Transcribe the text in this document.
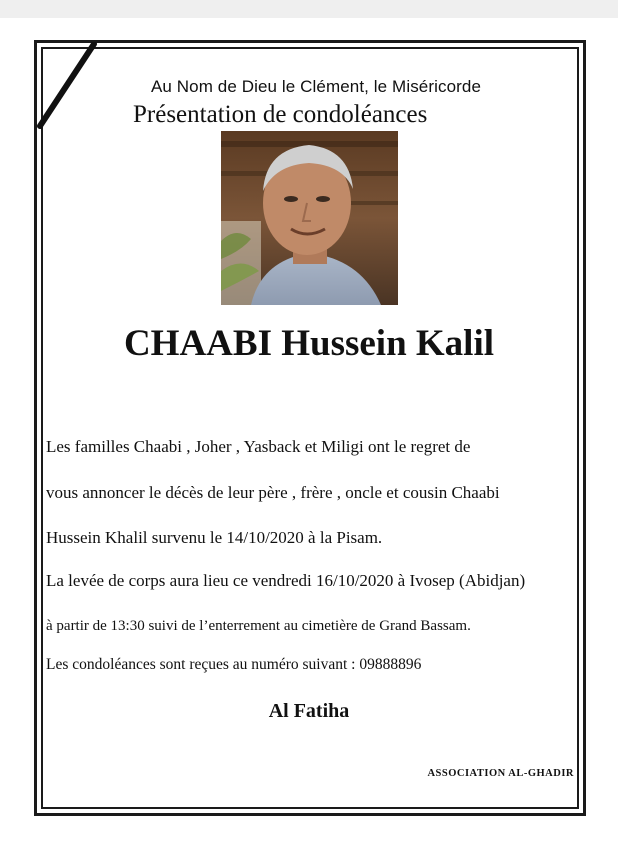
Au Nom de Dieu le Clément, le Miséricorde
Présentation de condoléances
CHAABI Hussein Kalil
Les familles Chaabi , Joher , Yasback et Miligi ont le regret de
vous annoncer le décès de leur père , frère , oncle et cousin Chaabi
Hussein Khalil survenu le 14/10/2020 à la Pisam.
La levée de corps aura lieu ce vendredi 16/10/2020 à Ivosep (Abidjan)
à partir de 13:30 suivi de l’enterrement au cimetière de Grand Bassam.
Les condoléances sont reçues au numéro suivant : 09888896
Al Fatiha
ASSOCIATION AL-GHADIR
